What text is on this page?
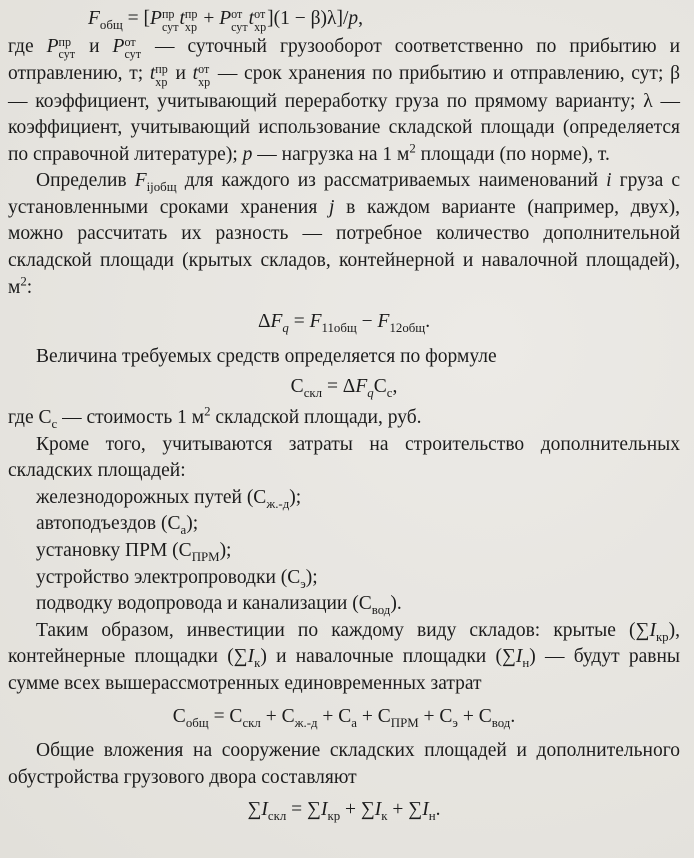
$F_{общ} = [P$ пр
сут t пр
хр + P от
сут t от
хр ](1 − β)λ]/p,

где P пр
сут и P от
сут — суточный грузооборот соответственно по прибытию и отправлению, т; t пр
хр и t от
хр — срок хранения по прибытию и отправлению, сут; β — коэффициент, учитывающий переработку груза по прямому варианту; λ — коэффициент, учитывающий использование складской площади (определяется по справочной литературе); p — нагрузка на 1 $м^2$ площади (по норме), т.

Определив $F_{ijобщ}$ для каждого из рассматриваемых наименований i груза с установленными сроками хранения j в каждом варианте (например, двух), можно рассчитать их разность — потребное количество дополнительной складской площади (крытых складов, контейнерной и навалочной площадей), $м^2$:

$\Delta F_q = F_{11общ} - F_{12общ}$.

Величина требуемых средств определяется по формуле

$C_{скл} = \Delta F_qC_с$,

где $С_с$ — стоимость 1 $м^2$ складской площади, руб.

Кроме того, учитываются затраты на строительство дополнительных складских площадей:

железнодорожных путей $(С_{ж.-д})$;

автоподъездов $(С_а)$;

установку ПРМ $(С_{ПРМ})$;

устройство электропроводки $(С_э)$;

подводку водопровода и канализации $(С_{вод})$.

Таким образом, инвестиции по каждому виду складов: крытые $(\sum I_{кр})$, контейнерные площадки $(\sum I_к)$ и навалочные площадки $(\sum I_н)$ — будут равны сумме всех вышерассмотренных единовременных затрат

$С_{общ} = С_{скл} + С_{ж.-д} + С_а + С_{ПРМ} + С_э + С_{вод}$.

Общие вложения на сооружение складских площадей и дополнительного обустройства грузового двора составляют

$\sum I_{скл} = \sum I_{кр} + \sum I_к + \sum I_н$.
